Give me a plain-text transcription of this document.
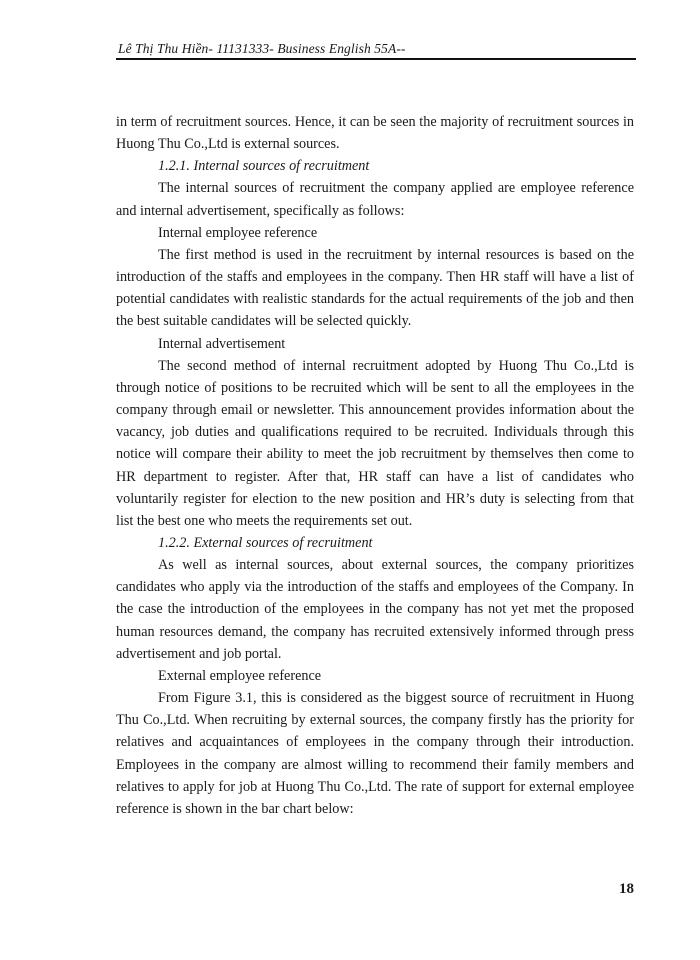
Lê Thị Thu Hiền- 11131333- Business English 55A--

in term of recruitment sources. Hence, it can be seen the majority of recruitment sources in Huong Thu Co.,Ltd is external sources.

1.2.1. Internal sources of recruitment

The internal sources of recruitment the company applied are employee reference and internal advertisement, specifically as follows:

Internal employee reference

The first method is used in the recruitment by internal resources is based on the introduction of the staffs and employees in the company. Then HR staff will have a list of potential candidates with realistic standards for the actual requirements of the job and then the best suitable candidates will be selected quickly.

Internal advertisement

The second method of internal recruitment adopted by Huong Thu Co.,Ltd is through notice of positions to be recruited which will be sent to all the employees in the company through email or newsletter. This announcement provides information about the vacancy, job duties and qualifications required to be recruited. Individuals through this notice will compare their ability to meet the job recruitment by themselves then come to HR department to register. After that, HR staff can have a list of candidates who voluntarily register for election to the new position and HR’s duty is selecting from that list the best one who meets the requirements set out.

1.2.2. External sources of recruitment

As well as internal sources, about external sources, the company prioritizes candidates who apply via the introduction of the staffs and employees of the Company. In the case the introduction of the employees in the company has not yet met the proposed human resources demand, the company has recruited extensively informed through press advertisement and job portal.

External employee reference

From Figure 3.1, this is considered as the biggest source of recruitment in Huong Thu Co.,Ltd. When recruiting by external sources, the company firstly has the priority for relatives and acquaintances of employees in the company through their introduction. Employees in the company are almost willing to recommend their family members and relatives to apply for job at Huong Thu Co.,Ltd. The rate of support for external employee reference is shown in the bar chart below:

18
